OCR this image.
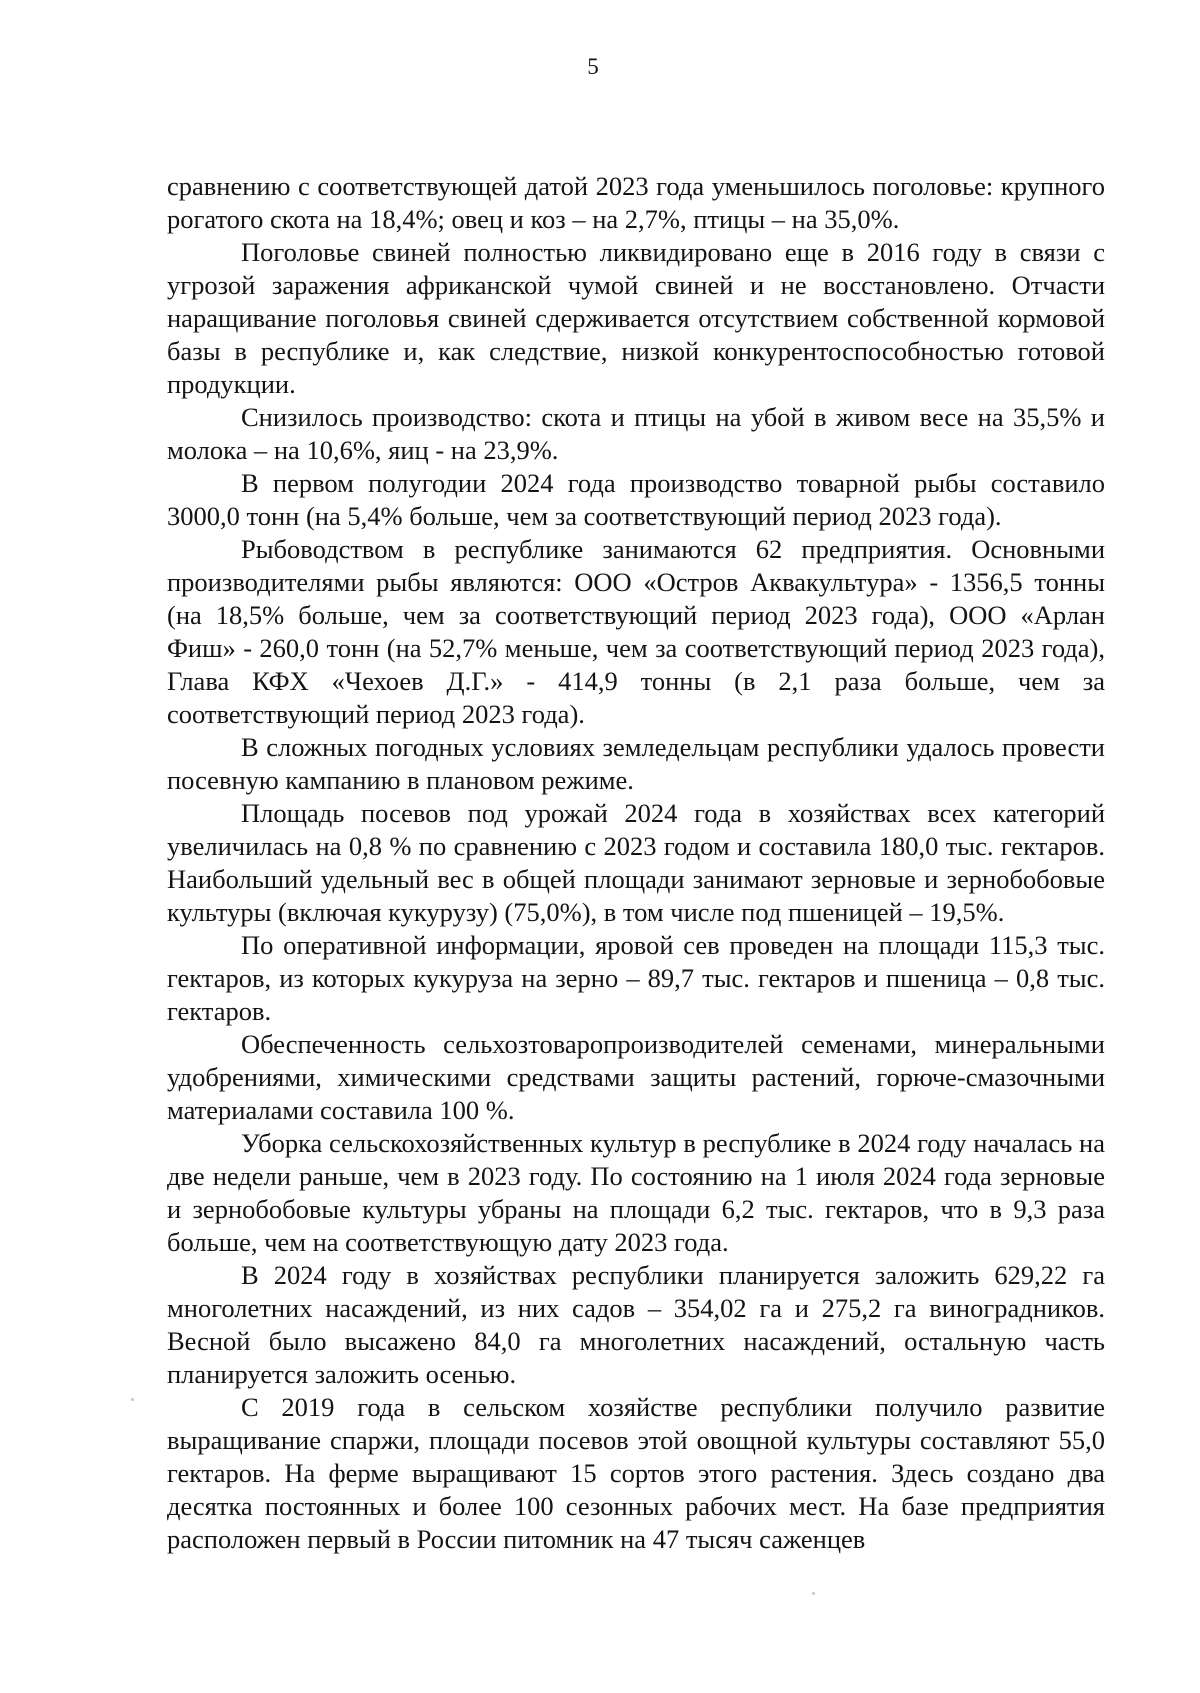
5

сравнению с соответствующей датой 2023 года уменьшилось поголовье: крупного рогатого скота на 18,4%; овец и коз – на 2,7%, птицы – на 35,0%.

Поголовье свиней полностью ликвидировано еще в 2016 году в связи с угрозой заражения африканской чумой свиней и не восстановлено. Отчасти наращивание поголовья свиней сдерживается отсутствием собственной кормовой базы в республике и, как следствие, низкой конкурентоспособностью готовой продукции.

Снизилось производство: скота и птицы на убой в живом весе на 35,5% и молока – на 10,6%, яиц - на 23,9%.

В первом полугодии 2024 года производство товарной рыбы составило 3000,0 тонн (на 5,4% больше, чем за соответствующий период 2023 года).

Рыбоводством в республике занимаются 62 предприятия. Основными производителями рыбы являются: ООО «Остров Аквакультура» - 1356,5 тонны (на 18,5% больше, чем за соответствующий период 2023 года), ООО «Арлан Фиш» - 260,0 тонн (на 52,7% меньше, чем за соответствующий период 2023 года), Глава КФХ «Чехоев Д.Г.» - 414,9 тонны (в 2,1 раза больше, чем за соответствующий период 2023 года).

В сложных погодных условиях земледельцам республики удалось провести посевную кампанию в плановом режиме.

Площадь посевов под урожай 2024 года в хозяйствах всех категорий увеличилась на 0,8 % по сравнению с 2023 годом и составила 180,0 тыс. гектаров. Наибольший удельный вес в общей площади занимают зерновые и зернобобовые культуры (включая кукурузу) (75,0%), в том числе под пшеницей – 19,5%.

По оперативной информации, яровой сев проведен на площади 115,3 тыс. гектаров, из которых кукуруза на зерно – 89,7 тыс. гектаров и пшеница – 0,8 тыс. гектаров.

Обеспеченность сельхозтоваропроизводителей семенами, минеральными удобрениями, химическими средствами защиты растений, горюче-смазочными материалами составила 100 %.

Уборка сельскохозяйственных культур в республике в 2024 году началась на две недели раньше, чем в 2023 году. По состоянию на 1 июля 2024 года зерновые и зернобобовые культуры убраны на площади 6,2 тыс. гектаров, что в 9,3 раза больше, чем на соответствующую дату 2023 года.

В 2024 году в хозяйствах республики планируется заложить 629,22 га многолетних насаждений, из них садов – 354,02 га и 275,2 га виноградников. Весной было высажено 84,0 га многолетних насаждений, остальную часть планируется заложить осенью.

С 2019 года в сельском хозяйстве республики получило развитие выращивание спаржи, площади посевов этой овощной культуры составляют 55,0 гектаров. На ферме выращивают 15 сортов этого растения. Здесь создано два десятка постоянных и более 100 сезонных рабочих мест. На базе предприятия расположен первый в России питомник на 47 тысяч саженцев
